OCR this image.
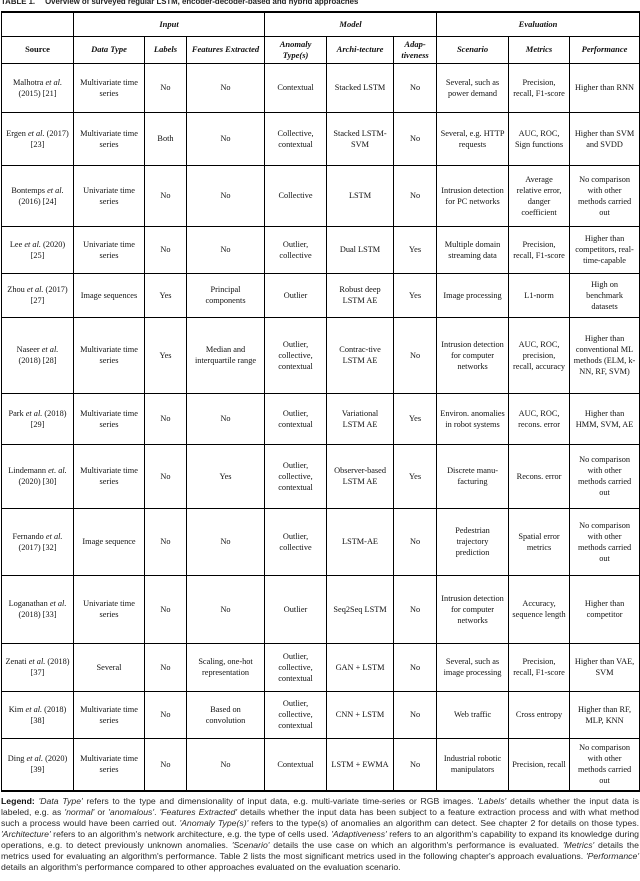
TABLE 1. Overview of surveyed regular LSTM, encoder-decoder-based and hybrid approaches
	Input			Model			Evaluation		
Source	Data Type	Labels	Features Extracted	Anomaly Type(s)	Archi-tecture	Adap-tiveness	Scenario	Metrics	Performance
Malhotra et al. (2015) [21]	Multivariate time series	No	No	Contextual	Stacked LSTM	No	Several, such as power demand	Precision, recall, F1-score	Higher than RNN
Ergen et al. (2017) [23]	Multivariate time series	Both	No	Collective, contextual	Stacked LSTM-SVM	No	Several, e.g. HTTP requests	AUC, ROC, Sign functions	Higher than SVM and SVDD
Bontemps et al. (2016) [24]	Univariate time series	No	No	Collective	LSTM	No	Intrusion detection for PC networks	Average relative error, danger coefficient	No comparison with other methods carried out
Lee et al. (2020) [25]	Univariate time series	No	No	Outlier, collective	Dual LSTM	Yes	Multiple domain streaming data	Precision, recall, F1-score	Higher than competitors, real-time-capable
Zhou et al. (2017) [27]	Image sequences	Yes	Principal components	Outlier	Robust deep LSTM AE	Yes	Image processing	L1-norm	High on benchmark datasets
Naseer et al. (2018) [28]	Multivariate time series	Yes	Median and interquartile range	Outlier, collective, contextual	Contrac-tive LSTM AE	No	Intrusion detection for computer networks	AUC, ROC, precision, recall, accuracy	Higher than conventional ML methods (ELM, k-NN, RF, SVM)
Park et al. (2018) [29]	Multivariate time series	No	No	Outlier, contextual	Variational LSTM AE	Yes	Environ. anomalies in robot systems	AUC, ROC, recons. error	Higher than HMM, SVM, AE
Lindemann et. al. (2020) [30]	Multivariate time series	No	Yes	Outlier, collective, contextual	Observer-based LSTM AE	Yes	Discrete manu-facturing	Recons. error	No comparison with other methods carried out
Fernando et al. (2017) [32]	Image sequence	No	No	Outlier, collective	LSTM-AE	No	Pedestrian trajectory prediction	Spatial error metrics	No comparison with other methods carried out
Loganathan et al. (2018) [33]	Univariate time series	No	No	Outlier	Seq2Seq LSTM	No	Intrusion detection for computer networks	Accuracy, sequence length	Higher than competitor
Zenati et al. (2018) [37]	Several	No	Scaling, one-hot representation	Outlier, collective, contextual	GAN + LSTM	No	Several, such as image processing	Precision, recall, F1-score	Higher than VAE, SVM
Kim et al. (2018) [38]	Multivariate time series	No	Based on convolution	Outlier, collective, contextual	CNN + LSTM	No	Web traffic	Cross entropy	Higher than RF, MLP, KNN
Ding et al. (2020) [39]	Multivariate time series	No	No	Contextual	LSTM + EWMA	No	Industrial robotic manipulators	Precision, recall	No comparison with other methods carried out
Legend: 'Data Type' refers to the type and dimensionality of input data, e.g. multi-variate time-series or RGB images. 'Labels' details whether the input data is labeled, e.g. as 'normal' or 'anomalous'. 'Features Extracted' details whether the input data has been subject to a feature extraction process and with what method such a process would have been carried out. 'Anomaly Type(s)' refers to the type(s) of anomalies an algorithm can detect. See chapter 2 for details on those types. 'Architecture' refers to an algorithm's network architecture, e.g. the type of cells used. 'Adaptiveness' refers to an algorithm's capability to expand its knowledge during operations, e.g. to detect previously unknown anomalies. 'Scenario' details the use case on which an algorithm's performance is evaluated. 'Metrics' details the metrics used for evaluating an algorithm's performance. Table 2 lists the most significant metrics used in the following chapter's approach evaluations. 'Performance' details an algorithm's performance compared to other approaches evaluated on the evaluation scenario.
